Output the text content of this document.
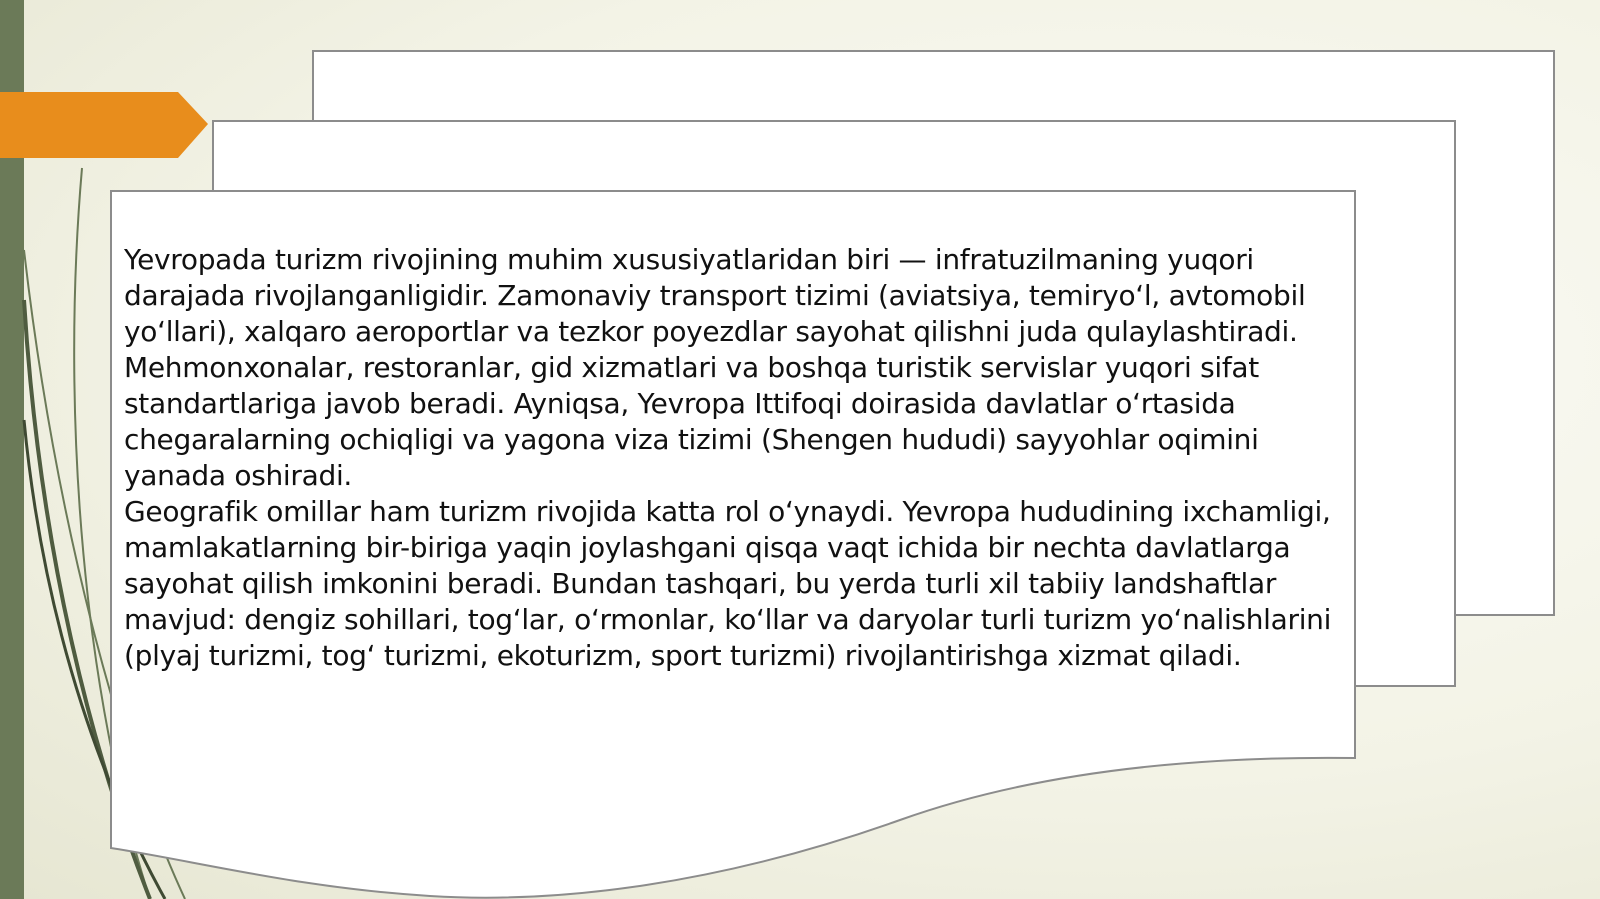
Yevropada turizm rivojining muhim xususiyatlaridan biri — infratuzilmaning yuqori darajada rivojlanganligidir. Zamonaviy transport tizimi (aviatsiya, temiryoʻl, avtomobil yoʻllari), xalqaro aeroportlar va tezkor poyezdlar sayohat qilishni juda qulaylashtiradi. Mehmonxonalar, restoranlar, gid xizmatlari va boshqa turistik servislar yuqori sifat standartlariga javob beradi. Ayniqsa, Yevropa Ittifoqi doirasida davlatlar oʻrtasida chegaralarning ochiqligi va yagona viza tizimi (Shengen hududi) sayyohlar oqimini yanada oshiradi.

Geografik omillar ham turizm rivojida katta rol oʻynaydi. Yevropa hududining ixchamligi, mamlakatlarning bir-biriga yaqin joylashgani qisqa vaqt ichida bir nechta davlatlarga sayohat qilish imkonini beradi. Bundan tashqari, bu yerda turli xil tabiiy landshaftlar mavjud: dengiz sohillari, togʻlar, oʻrmonlar, koʻllar va daryolar turli turizm yoʻnalishlarini (plyaj turizmi, togʻ turizmi, ekoturizm, sport turizmi) rivojlantirishga xizmat qiladi.
